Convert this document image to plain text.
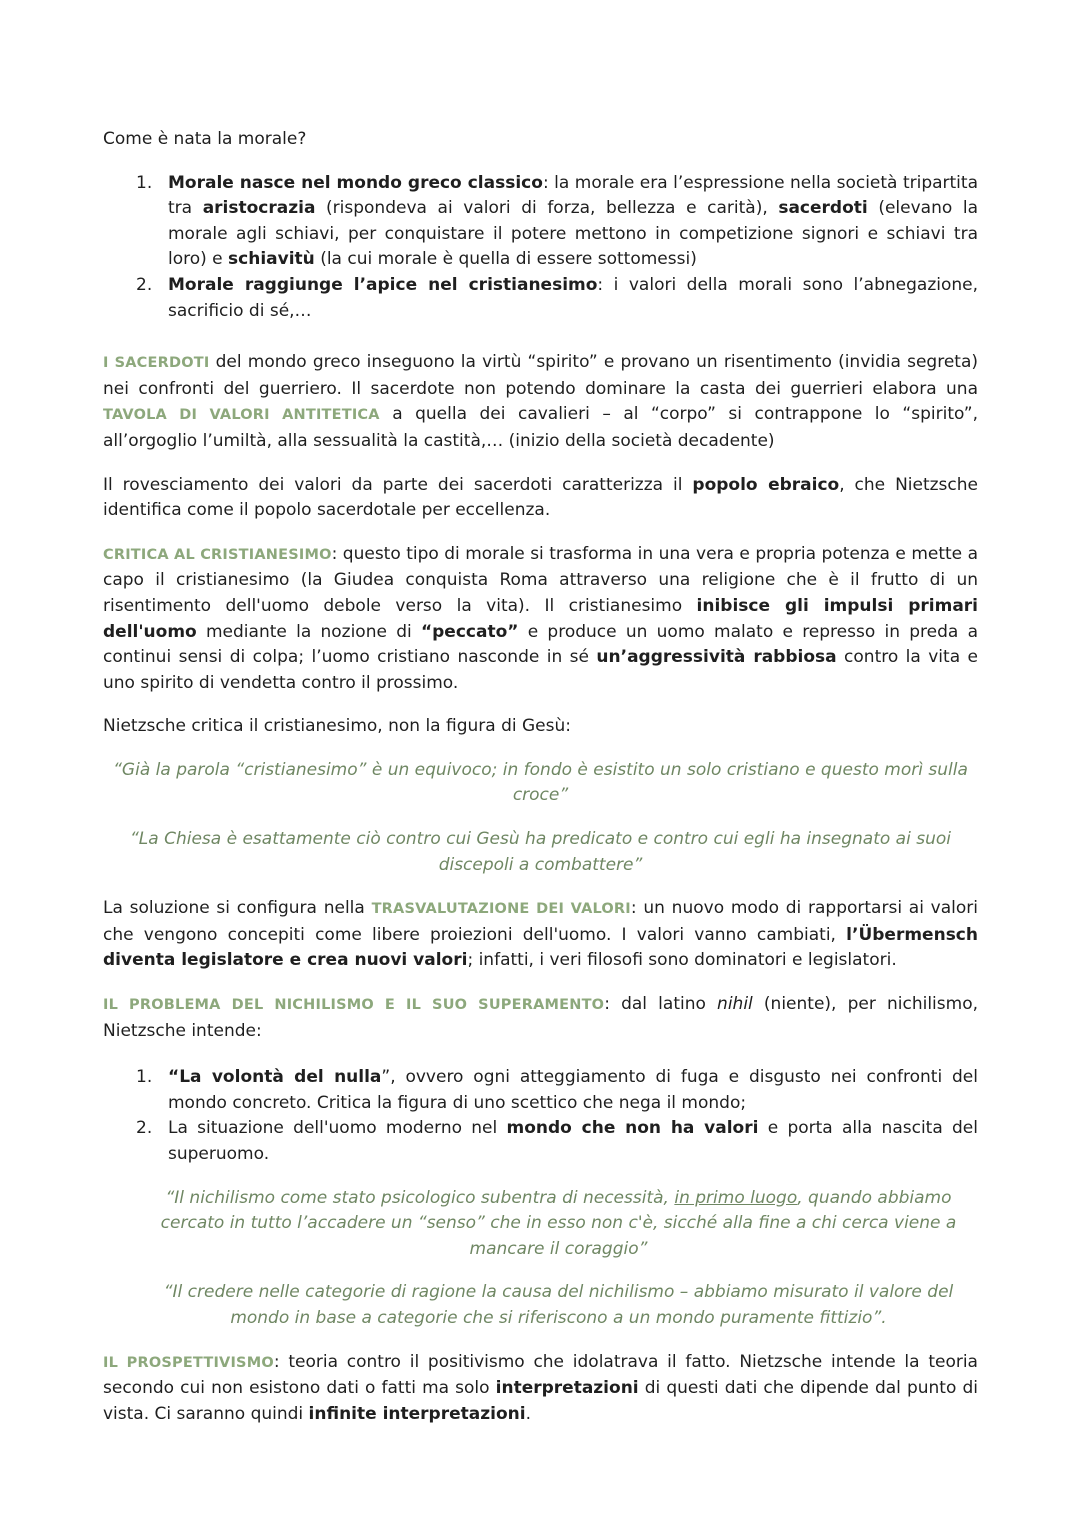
Come è nata la morale?

1. Morale nasce nel mondo greco classico: la morale era l’espressione nella società tripartita tra aristocrazia (rispondeva ai valori di forza, bellezza e carità), sacerdoti (elevano la morale agli schiavi, per conquistare il potere mettono in competizione signori e schiavi tra loro) e schiavitù (la cui morale è quella di essere sottomessi)
2. Morale raggiunge l’apice nel cristianesimo: i valori della morali sono l’abnegazione, sacrificio di sé,…

I SACERDOTI del mondo greco inseguono la virtù “spirito” e provano un risentimento (invidia segreta) nei confronti del guerriero. Il sacerdote non potendo dominare la casta dei guerrieri elabora una TAVOLA DI VALORI ANTITETICA a quella dei cavalieri – al “corpo” si contrappone lo “spirito”, all’orgoglio l’umiltà, alla sessualità la castità,… (inizio della società decadente)

Il rovesciamento dei valori da parte dei sacerdoti caratterizza il popolo ebraico, che Nietzsche identifica come il popolo sacerdotale per eccellenza.

CRITICA AL CRISTIANESIMO: questo tipo di morale si trasforma in una vera e propria potenza e mette a capo il cristianesimo (la Giudea conquista Roma attraverso una religione che è il frutto di un risentimento dell'uomo debole verso la vita). Il cristianesimo inibisce gli impulsi primari dell'uomo mediante la nozione di “peccato” e produce un uomo malato e represso in preda a continui sensi di colpa; l’uomo cristiano nasconde in sé un’aggressività rabbiosa contro la vita e uno spirito di vendetta contro il prossimo.

Nietzsche critica il cristianesimo, non la figura di Gesù:

“Già la parola “cristianesimo” è un equivoco; in fondo è esistito un solo cristiano e questo morì sulla croce”

“La Chiesa è esattamente ciò contro cui Gesù ha predicato e contro cui egli ha insegnato ai suoi discepoli a combattere”

La soluzione si configura nella TRASVALUTAZIONE DEI VALORI: un nuovo modo di rapportarsi ai valori che vengono concepiti come libere proiezioni dell'uomo. I valori vanno cambiati, l’Übermensch diventa legislatore e crea nuovi valori; infatti, i veri filosofi sono dominatori e legislatori.

IL PROBLEMA DEL NICHILISMO E IL SUO SUPERAMENTO: dal latino nihil (niente), per nichilismo, Nietzsche intende:

1. “La volontà del nulla”, ovvero ogni atteggiamento di fuga e disgusto nei confronti del mondo concreto. Critica la figura di uno scettico che nega il mondo;
2. La situazione dell'uomo moderno nel mondo che non ha valori e porta alla nascita del superuomo.

“Il nichilismo come stato psicologico subentra di necessità, in primo luogo, quando abbiamo cercato in tutto l’accadere un “senso” che in esso non c'è, sicché alla fine a chi cerca viene a mancare il coraggio”

“Il credere nelle categorie di ragione la causa del nichilismo – abbiamo misurato il valore del mondo in base a categorie che si riferiscono a un mondo puramente fittizio”.

IL PROSPETTIVISMO: teoria contro il positivismo che idolatrava il fatto. Nietzsche intende la teoria secondo cui non esistono dati o fatti ma solo interpretazioni di questi dati che dipende dal punto di vista. Ci saranno quindi infinite interpretazioni.
